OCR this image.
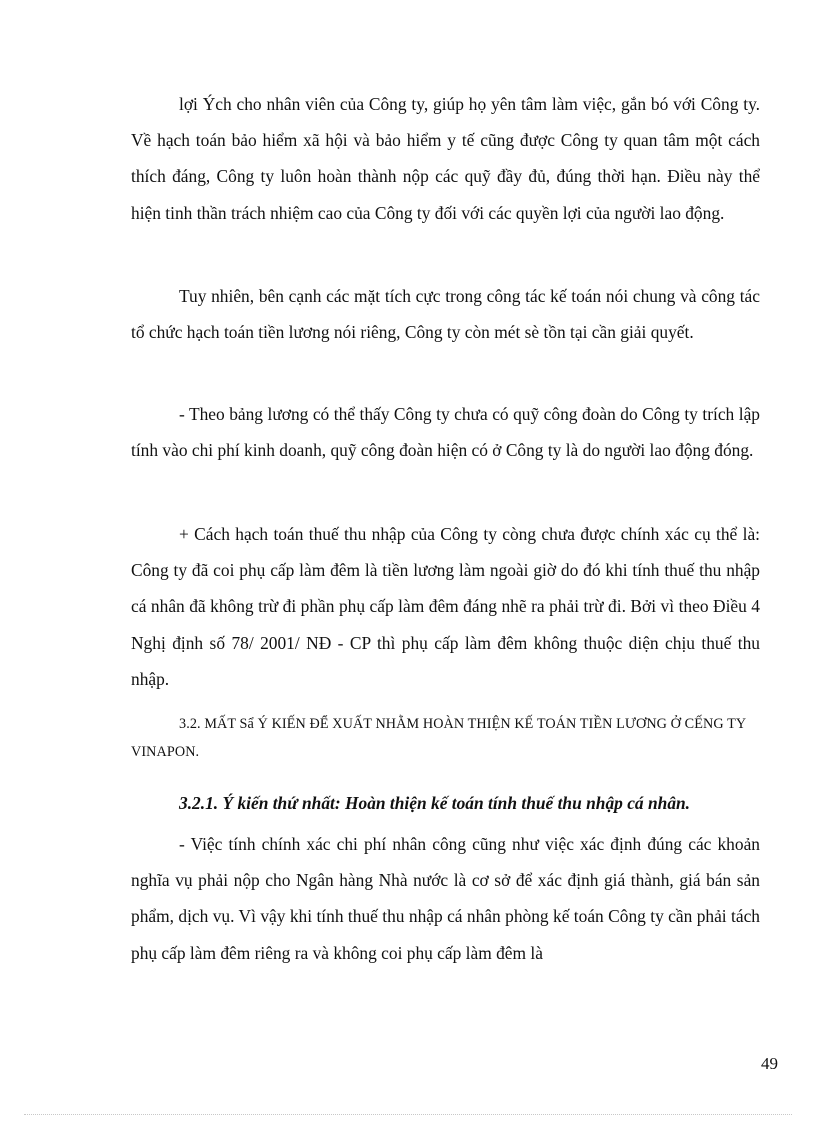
lợi Ých cho nhân viên của Công ty, giúp họ yên tâm làm việc, gắn bó với Công ty. Về hạch toán bảo hiểm xã hội và bảo hiểm y tế cũng được Công ty quan tâm một cách thích đáng, Công ty luôn hoàn thành nộp các quỹ đầy đủ, đúng thời hạn. Điều này thể hiện tinh thần trách nhiệm cao của Công ty đối với các quyền lợi của người lao động.

Tuy nhiên, bên cạnh các mặt tích cực trong công tác kế toán nói chung và công tác tổ chức hạch toán tiền lương nói riêng, Công ty còn mét sè tồn tại cần giải quyết.

- Theo bảng lương có thể thấy Công ty chưa có quỹ công đoàn do Công ty trích lập tính vào chi phí kinh doanh, quỹ công đoàn hiện có ở Công ty là do người lao động đóng.

+ Cách hạch toán thuế thu nhập của Công ty còng chưa được chính xác cụ thể là: Công ty đã coi phụ cấp làm đêm là tiền lương làm ngoài giờ do đó khi tính thuế thu nhập cá nhân đã không trừ đi phần phụ cấp làm đêm đáng nhẽ ra phải trừ đi. Bởi vì theo Điều 4 Nghị định số 78/ 2001/ NĐ - CP thì phụ cấp làm đêm không thuộc diện chịu thuế thu nhập.

3.2. MẤT Sẩ Ý KIẾN ĐỂ XUẤT NHẰM HOÀN THIỆN KẾ TOÁN TIỀN LƯƠNG Ở CẾNG TY VINAPON.

3.2.1. Ý kiến thứ nhất: Hoàn thiện kế toán tính thuế thu nhập cá nhân.

- Việc tính chính xác chi phí nhân công cũng như việc xác định đúng các khoản nghĩa vụ phải nộp cho Ngân hàng Nhà nước là cơ sở để xác định giá thành, giá bán sản phẩm, dịch vụ. Vì vậy khi tính thuế thu nhập cá nhân phòng kế toán Công ty cần phải tách phụ cấp làm đêm riêng ra và không coi phụ cấp làm đêm là

49
